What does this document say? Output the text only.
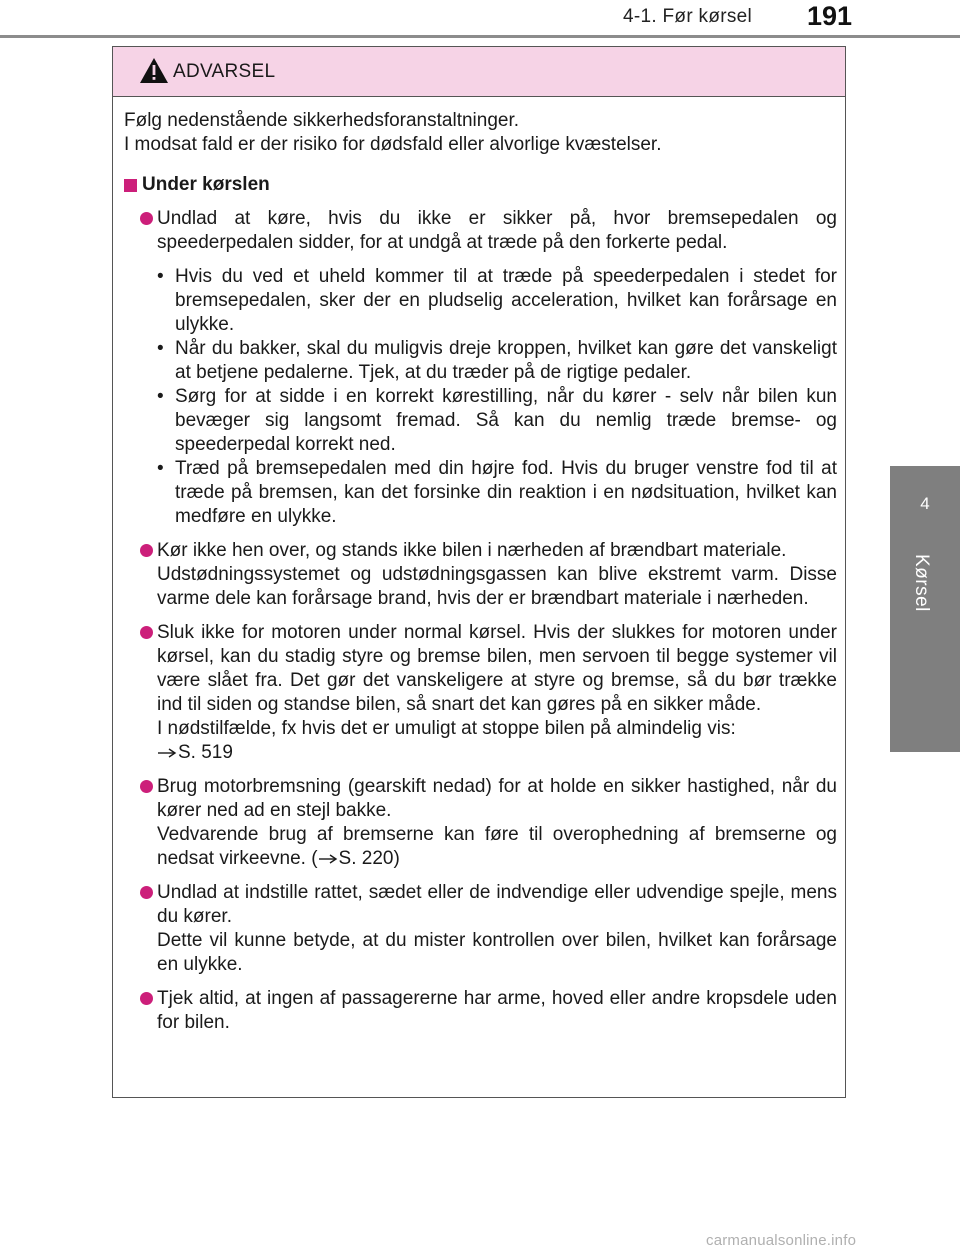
4-1. Før kørsel 191
4
Kørsel
ADVARSEL

Følg nedenstående sikkerhedsforanstaltninger.

I modsat fald er der risiko for dødsfald eller alvorlige kvæstelser.

Under kørslen

Undlad at køre, hvis du ikke er sikker på, hvor bremsepedalen og speederpedalen sidder, for at undgå at træde på den forkerte pedal.

• Hvis du ved et uheld kommer til at træde på speederpedalen i stedet for bremsepedalen, sker der en pludselig acceleration, hvilket kan forårsage en ulykke.
• Når du bakker, skal du muligvis dreje kroppen, hvilket kan gøre det vanskeligt at betjene pedalerne. Tjek, at du træder på de rigtige pedaler.
• Sørg for at sidde i en korrekt kørestilling, når du kører - selv når bilen kun bevæger sig langsomt fremad. Så kan du nemlig træde bremse- og speederpedal korrekt ned.
• Træd på bremsepedalen med din højre fod. Hvis du bruger venstre fod til at træde på bremsen, kan det forsinke din reaktion i en nødsituation, hvilket kan medføre en ulykke.

Kør ikke hen over, og stands ikke bilen i nærheden af brændbart materiale.

Udstødningssystemet og udstødningsgassen kan blive ekstremt varm. Disse varme dele kan forårsage brand, hvis der er brændbart materiale i nærheden.

Sluk ikke for motoren under normal kørsel. Hvis der slukkes for motoren under kørsel, kan du stadig styre og bremse bilen, men servoen til begge systemer vil være slået fra. Det gør det vanskeligere at styre og bremse, så du bør trække ind til siden og standse bilen, så snart det kan gøres på en sikker måde.

I nødstilfælde, fx hvis det er umuligt at stoppe bilen på almindelig vis:

S. 519

Brug motorbremsning (gearskift nedad) for at holde en sikker hastighed, når du kører ned ad en stejl bakke.

Vedvarende brug af bremserne kan føre til overophedning af bremserne og nedsat virkeevne. ( S. 220)

Undlad at indstille rattet, sædet eller de indvendige eller udvendige spejle, mens du kører.

Dette vil kunne betyde, at du mister kontrollen over bilen, hvilket kan forårsage en ulykke.

Tjek altid, at ingen af passagererne har arme, hoved eller andre kropsdele uden for bilen.

carmanualsonline.info
